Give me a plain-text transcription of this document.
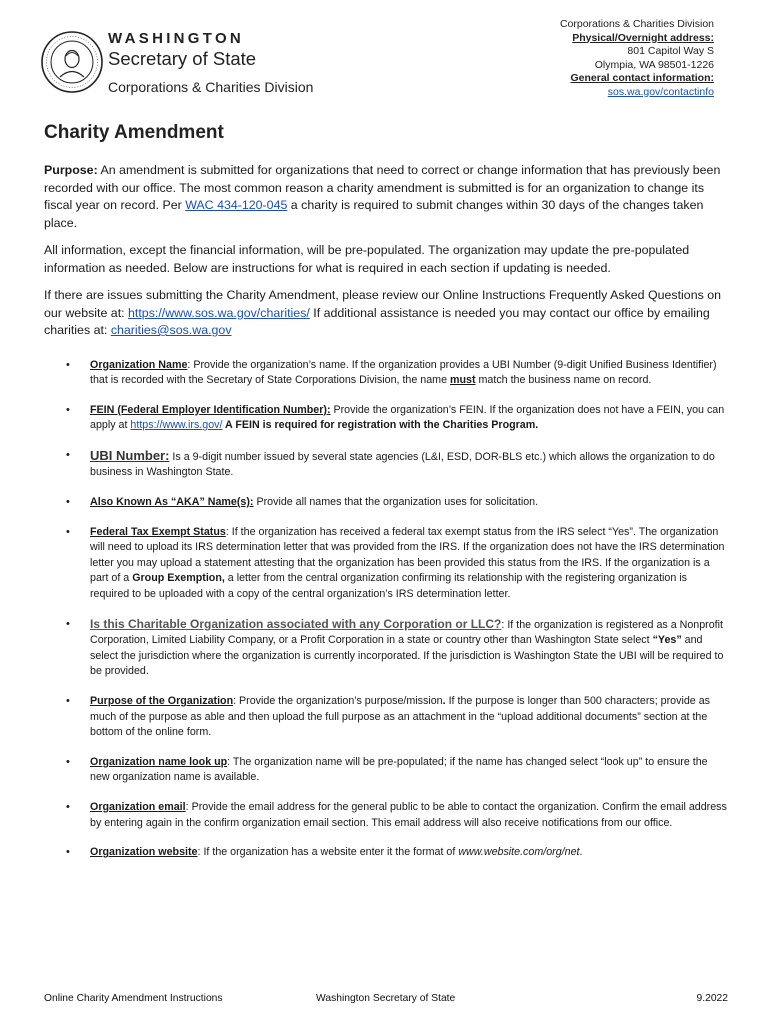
Corporations & Charities Division
Physical/Overnight address:
801 Capitol Way S
Olympia, WA 98501-1226
General contact information:
sos.wa.gov/contactinfo
WASHINGTON
Secretary of State
Corporations & Charities Division
Charity Amendment

Purpose: An amendment is submitted for organizations that need to correct or change information that has previously been recorded with our office. The most common reason a charity amendment is submitted is for an organization to change its fiscal year on record. Per WAC 434-120-045 a charity is required to submit changes within 30 days of the changes taken place.

All information, except the financial information, will be pre-populated. The organization may update the pre-populated information as needed. Below are instructions for what is required in each section if updating is needed.

If there are issues submitting the Charity Amendment, please review our Online Instructions Frequently Asked Questions on our website at: https://www.sos.wa.gov/charities/ If additional assistance is needed you may contact our office by emailing charities at: charities@sos.wa.gov

• Organization Name: Provide the organization’s name. If the organization provides a UBI Number (9-digit Unified Business Identifier) that is recorded with the Secretary of State Corporations Division, the name must match the business name on record.
• FEIN (Federal Employer Identification Number): Provide the organization’s FEIN. If the organization does not have a FEIN, you can apply at https://www.irs.gov/ A FEIN is required for registration with the Charities Program.
• UBI Number: Is a 9-digit number issued by several state agencies (L&I, ESD, DOR-BLS etc.) which allows the organization to do business in Washington State.
• Also Known As “AKA” Name(s): Provide all names that the organization uses for solicitation.
• Federal Tax Exempt Status: If the organization has received a federal tax exempt status from the IRS select “Yes”. The organization will need to upload its IRS determination letter that was provided from the IRS. If the organization does not have the IRS determination letter you may upload a statement attesting that the organization has been provided this status from the IRS. If the organization is a part of a Group Exemption, a letter from the central organization confirming its relationship with the registering organization is required to be uploaded with a copy of the central organization’s IRS determination letter.
• Is this Charitable Organization associated with any Corporation or LLC?: If the organization is registered as a Nonprofit Corporation, Limited Liability Company, or a Profit Corporation in a state or country other than Washington State select “Yes” and select the jurisdiction where the organization is currently incorporated. If the jurisdiction is Washington State the UBI will be required to be provided.
• Purpose of the Organization: Provide the organization’s purpose/mission. If the purpose is longer than 500 characters; provide as much of the purpose as able and then upload the full purpose as an attachment in the “upload additional documents” section at the bottom of the online form.
• Organization name look up: The organization name will be pre-populated; if the name has changed select “look up” to ensure the new organization name is available.
• Organization email: Provide the email address for the general public to be able to contact the organization. Confirm the email address by entering again in the confirm organization email section. This email address will also receive notifications from our office.
• Organization website: If the organization has a website enter it the format of www.website.com/org/net.
Online Charity Amendment Instructions	Washington Secretary of State	9.2022
